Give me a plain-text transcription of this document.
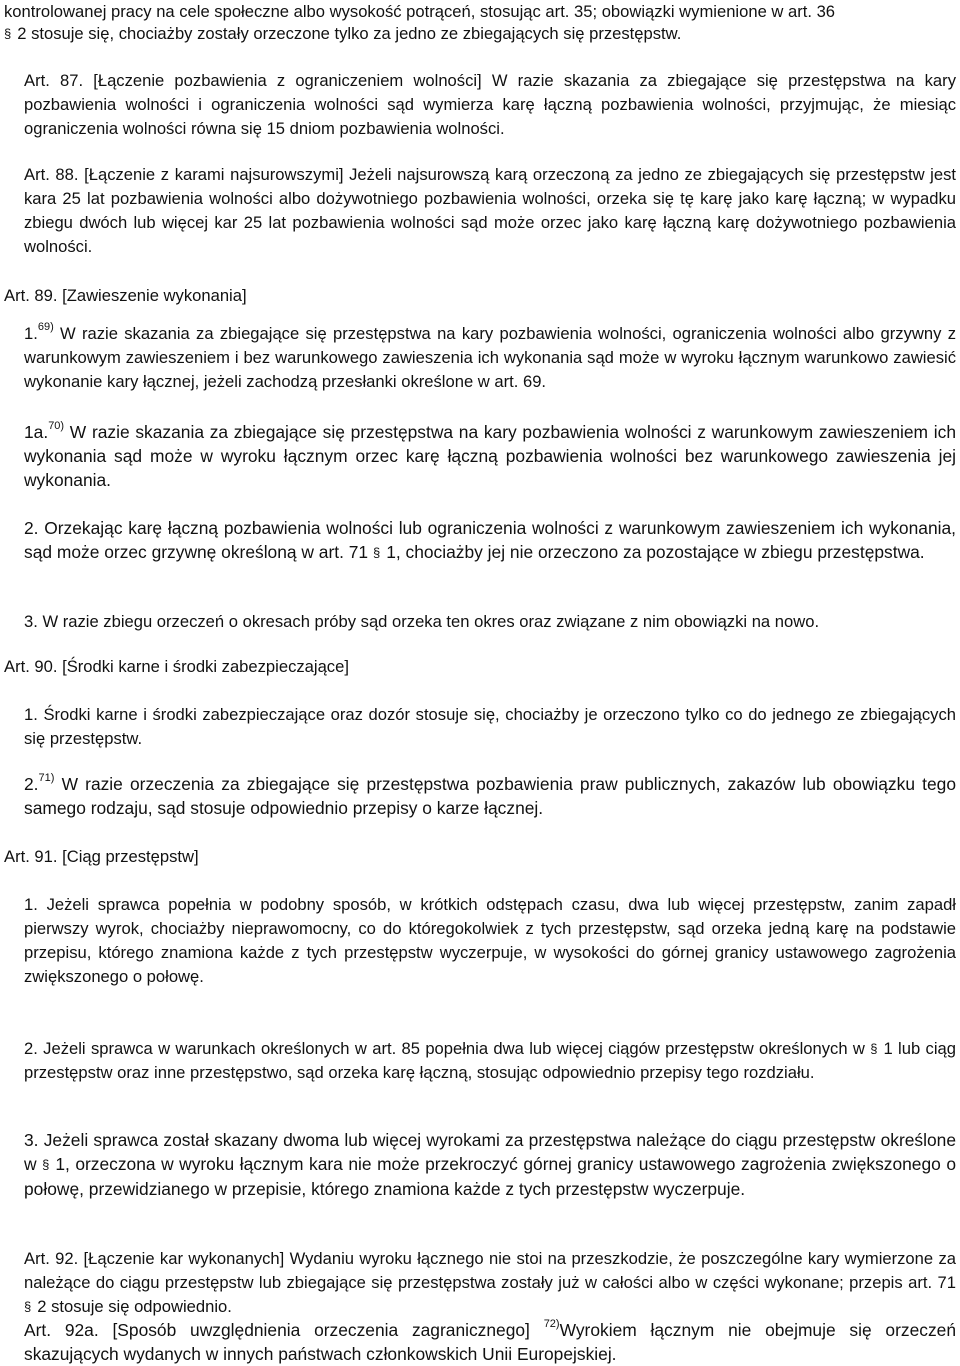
kontrolowanej pracy na cele społeczne albo wysokość potrąceń, stosując art. 35; obowiązki wymienione w art. 36

§ 2 stosuje się, chociażby zostały orzeczone tylko za jedno ze zbiegających się przestępstw.

Art. 87. [Łączenie pozbawienia z ograniczeniem wolności] W razie skazania za zbiegające się przestępstwa na kary pozbawienia wolności i ograniczenia wolności sąd wymierza karę łączną pozbawienia wolności, przyjmując, że miesiąc ograniczenia wolności równa się 15 dniom pozbawienia wolności.

Art. 88. [Łączenie z karami najsurowszymi] Jeżeli najsurowszą karą orzeczoną za jedno ze zbiegających się przestępstw jest kara 25 lat pozbawienia wolności albo dożywotniego pozbawienia wolności, orzeka się tę karę jako karę łączną; w wypadku zbiegu dwóch lub więcej kar 25 lat pozbawienia wolności sąd może orzec jako karę łączną karę dożywotniego pozbawienia wolności.

Art. 89. [Zawieszenie wykonania]

1.$^{69)}$ W razie skazania za zbiegające się przestępstwa na kary pozbawienia wolności, ograniczenia wolności albo grzywny z warunkowym zawieszeniem i bez warunkowego zawieszenia ich wykonania sąd może w wyroku łącznym warunkowo zawiesić wykonanie kary łącznej, jeżeli zachodzą przesłanki określone w art. 69.

1a.$^{70)}$ W razie skazania za zbiegające się przestępstwa na kary pozbawienia wolności z warunkowym zawieszeniem ich wykonania sąd może w wyroku łącznym orzec karę łączną pozbawienia wolności bez warunkowego zawieszenia jej wykonania.

2. Orzekając karę łączną pozbawienia wolności lub ograniczenia wolności z warunkowym zawieszeniem ich wykonania, sąd może orzec grzywnę określoną w art. 71 § 1, chociażby jej nie orzeczono za pozostające w zbiegu przestępstwa.

3. W razie zbiegu orzeczeń o okresach próby sąd orzeka ten okres oraz związane z nim obowiązki na nowo.

Art. 90. [Środki karne i środki zabezpieczające]

1. Środki karne i środki zabezpieczające oraz dozór stosuje się, chociażby je orzeczono tylko co do jednego ze zbiegających się przestępstw.

2.$^{71)}$ W razie orzeczenia za zbiegające się przestępstwa pozbawienia praw publicznych, zakazów lub obowiązku tego samego rodzaju, sąd stosuje odpowiednio przepisy o karze łącznej.

Art. 91. [Ciąg przestępstw]

1. Jeżeli sprawca popełnia w podobny sposób, w krótkich odstępach czasu, dwa lub więcej przestępstw, zanim zapadł pierwszy wyrok, chociażby nieprawomocny, co do któregokolwiek z tych przestępstw, sąd orzeka jedną karę na podstawie przepisu, którego znamiona każde z tych przestępstw wyczerpuje, w wysokości do górnej granicy ustawowego zagrożenia zwiększonego o połowę.

2. Jeżeli sprawca w warunkach określonych w art. 85 popełnia dwa lub więcej ciągów przestępstw określonych w § 1 lub ciąg przestępstw oraz inne przestępstwo, sąd orzeka karę łączną, stosując odpowiednio przepisy tego rozdziału.

3. Jeżeli sprawca został skazany dwoma lub więcej wyrokami za przestępstwa należące do ciągu przestępstw określone w § 1, orzeczona w wyroku łącznym kara nie może przekroczyć górnej granicy ustawowego zagrożenia zwiększonego o połowę, przewidzianego w przepisie, którego znamiona każde z tych przestępstw wyczerpuje.

Art. 92. [Łączenie kar wykonanych] Wydaniu wyroku łącznego nie stoi na przeszkodzie, że poszczególne kary wymierzone za należące do ciągu przestępstw lub zbiegające się przestępstwa zostały już w całości albo w części wykonane; przepis art. 71 § 2 stosuje się odpowiednio.

Art. 92a. [Sposób uwzględnienia orzeczenia zagranicznego] $^{72)}$Wyrokiem łącznym nie obejmuje się orzeczeń skazujących wydanych w innych państwach członkowskich Unii Europejskiej.
